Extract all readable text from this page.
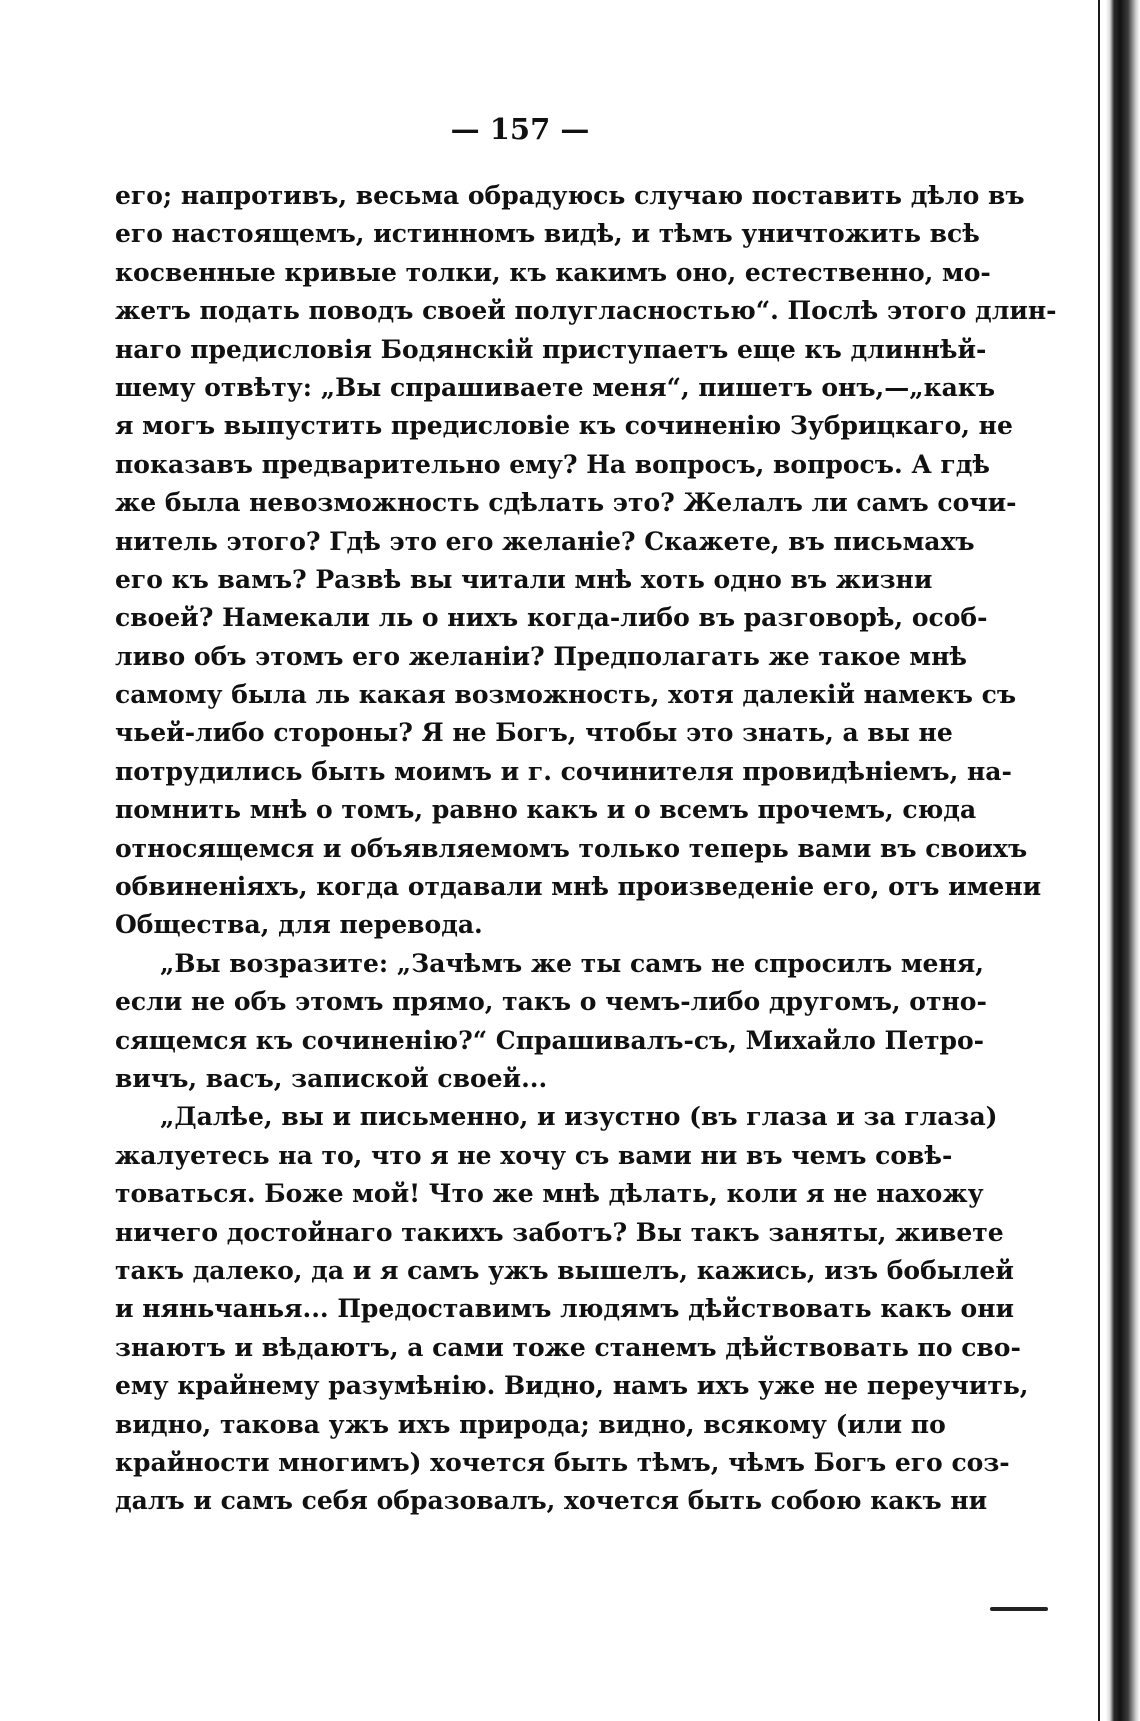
— 157 —
его; напротивъ, весьма обрадуюсь случаю поставить дѣло въ
его настоящемъ, истинномъ видѣ, и тѣмъ уничтожить всѣ
косвенные кривые толки, къ какимъ оно, естественно, мо-
жетъ подать поводъ своей полугласностью“. Послѣ этого длин-
наго предисловія Бодянскій приступаетъ еще къ длиннѣй-
шему отвѣту: „Вы спрашиваете меня“, пишетъ онъ,—„какъ
я могъ выпустить предисловіе къ сочиненію Зубрицкаго, не
показавъ предварительно ему? На вопросъ, вопросъ. А гдѣ
же была невозможность сдѣлать это? Желалъ ли самъ сочи-
нитель этого? Гдѣ это его желаніе? Скажете, въ письмахъ
его къ вамъ? Развѣ вы читали мнѣ хоть одно въ жизни
своей? Намекали ль о нихъ когда-либо въ разговорѣ, особ-
ливо объ этомъ его желаніи? Предполагать же такое мнѣ
самому была ль какая возможность, хотя далекій намекъ съ
чьей-либо стороны? Я не Богъ, чтобы это знать, а вы не
потрудились быть моимъ и г. сочинителя провидѣніемъ, на-
помнить мнѣ о томъ, равно какъ и о всемъ прочемъ, сюда
относящемся и объявляемомъ только теперь вами въ своихъ
обвиненіяхъ, когда отдавали мнѣ произведеніе его, отъ имени
Общества, для перевода.
„Вы возразите: „Зачѣмъ же ты самъ не спросилъ меня,
если не объ этомъ прямо, такъ о чемъ-либо другомъ, отно-
сящемся къ сочиненію?“ Спрашивалъ-съ, Михайло Петро-
вичъ, васъ, запиской своей...
„Далѣе, вы и письменно, и изустно (въ глаза и за глаза)
жалуетесь на то, что я не хочу съ вами ни въ чемъ совѣ-
товаться. Боже мой! Что же мнѣ дѣлать, коли я не нахожу
ничего достойнаго такихъ заботъ? Вы такъ заняты, живете
такъ далеко, да и я самъ ужъ вышелъ, кажись, изъ бобылей
и няньчанья... Предоставимъ людямъ дѣйствовать какъ они
знаютъ и вѣдаютъ, а сами тоже станемъ дѣйствовать по сво-
ему крайнему разумѣнію. Видно, намъ ихъ уже не переучить,
видно, такова ужъ ихъ природа; видно, всякому (или по
крайности многимъ) хочется быть тѣмъ, чѣмъ Богъ его соз-
далъ и самъ себя образовалъ, хочется быть собою какъ ни
